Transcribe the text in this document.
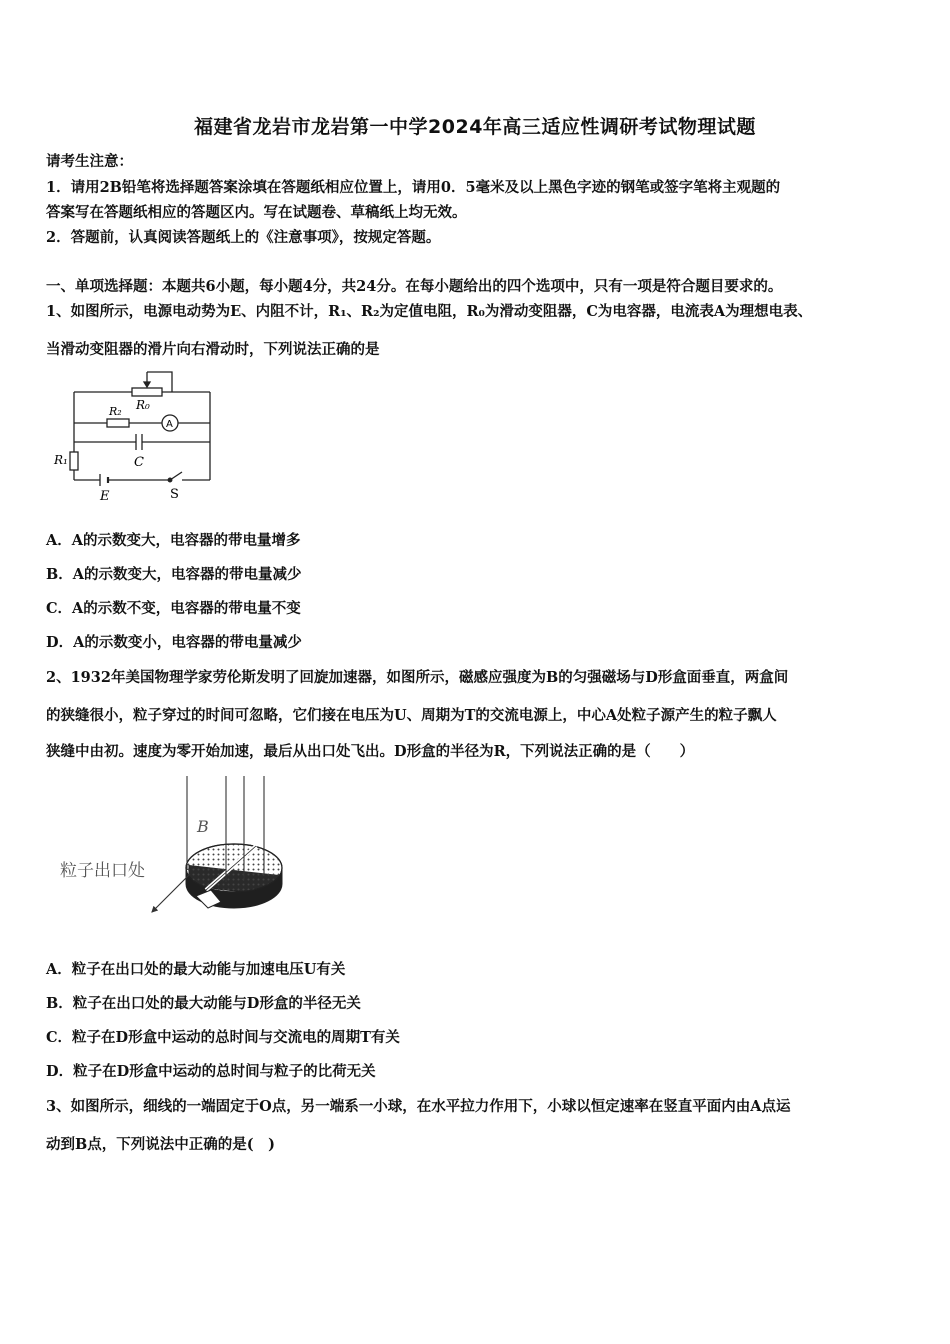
福建省龙岩市龙岩第一中学2024年高三适应性调研考试物理试题
请考生注意：
1．请用2B铅笔将选择题答案涂填在答题纸相应位置上，请用0．5毫米及以上黑色字迹的钢笔或签字笔将主观题的
答案写在答题纸相应的答题区内。写在试题卷、草稿纸上均无效。
2．答题前，认真阅读答题纸上的《注意事项》，按规定答题。
一、单项选择题：本题共6小题，每小题4分，共24分。在每小题给出的四个选项中，只有一项是符合题目要求的。
1、如图所示，电源电动势为E、内阻不计，R₁、R₂为定值电阻，R₀为滑动变阻器，C为电容器，电流表A为理想电表、
当滑动变阻器的滑片向右滑动时，下列说法正确的是
R₀
R₂
A
C
R₁
E	S
A．A的示数变大，电容器的带电量增多
B．A的示数变大，电容器的带电量减少
C．A的示数不变，电容器的带电量不变
D．A的示数变小，电容器的带电量减少
2、1932年美国物理学家劳伦斯发明了回旋加速器，如图所示，磁感应强度为B的匀强磁场与D形盒面垂直，两盒间
的狭缝很小，粒子穿过的时间可忽略，它们接在电压为U、周期为T的交流电源上，中心A处粒子源产生的粒子飘人
狭缝中由初。速度为零开始加速，最后从出口处飞出。D形盒的半径为R，下列说法正确的是（　　）
B
粒子出口处
A．粒子在出口处的最大动能与加速电压U有关
B．粒子在出口处的最大动能与D形盒的半径无关
C．粒子在D形盒中运动的总时间与交流电的周期T有关
D．粒子在D形盒中运动的总时间与粒子的比荷无关
3、如图所示，细线的一端固定于O点，另一端系一小球，在水平拉力作用下，小球以恒定速率在竖直平面内由A点运
动到B点，下列说法中正确的是(　)
